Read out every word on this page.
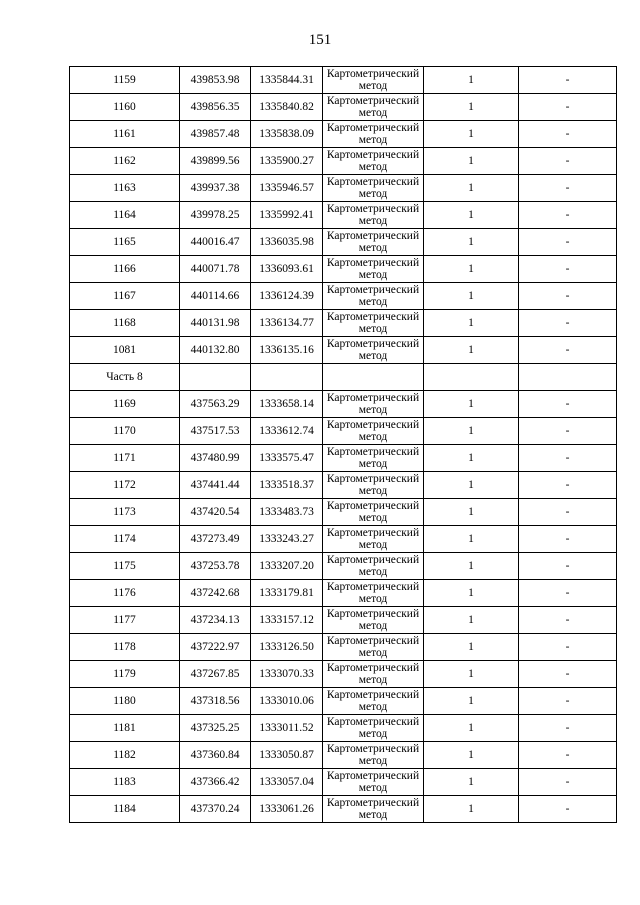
151
1159	439853.98	1335844.31	Картометрический метод	1	-
1160	439856.35	1335840.82	Картометрический метод	1	-
1161	439857.48	1335838.09	Картометрический метод	1	-
1162	439899.56	1335900.27	Картометрический метод	1	-
1163	439937.38	1335946.57	Картометрический метод	1	-
1164	439978.25	1335992.41	Картометрический метод	1	-
1165	440016.47	1336035.98	Картометрический метод	1	-
1166	440071.78	1336093.61	Картометрический метод	1	-
1167	440114.66	1336124.39	Картометрический метод	1	-
1168	440131.98	1336134.77	Картометрический метод	1	-
1081	440132.80	1336135.16	Картометрический метод	1	-
Часть 8					
1169	437563.29	1333658.14	Картометрический метод	1	-
1170	437517.53	1333612.74	Картометрический метод	1	-
1171	437480.99	1333575.47	Картометрический метод	1	-
1172	437441.44	1333518.37	Картометрический метод	1	-
1173	437420.54	1333483.73	Картометрический метод	1	-
1174	437273.49	1333243.27	Картометрический метод	1	-
1175	437253.78	1333207.20	Картометрический метод	1	-
1176	437242.68	1333179.81	Картометрический метод	1	-
1177	437234.13	1333157.12	Картометрический метод	1	-
1178	437222.97	1333126.50	Картометрический метод	1	-
1179	437267.85	1333070.33	Картометрический метод	1	-
1180	437318.56	1333010.06	Картометрический метод	1	-
1181	437325.25	1333011.52	Картометрический метод	1	-
1182	437360.84	1333050.87	Картометрический метод	1	-
1183	437366.42	1333057.04	Картометрический метод	1	-
1184	437370.24	1333061.26	Картометрический метод	1	-
